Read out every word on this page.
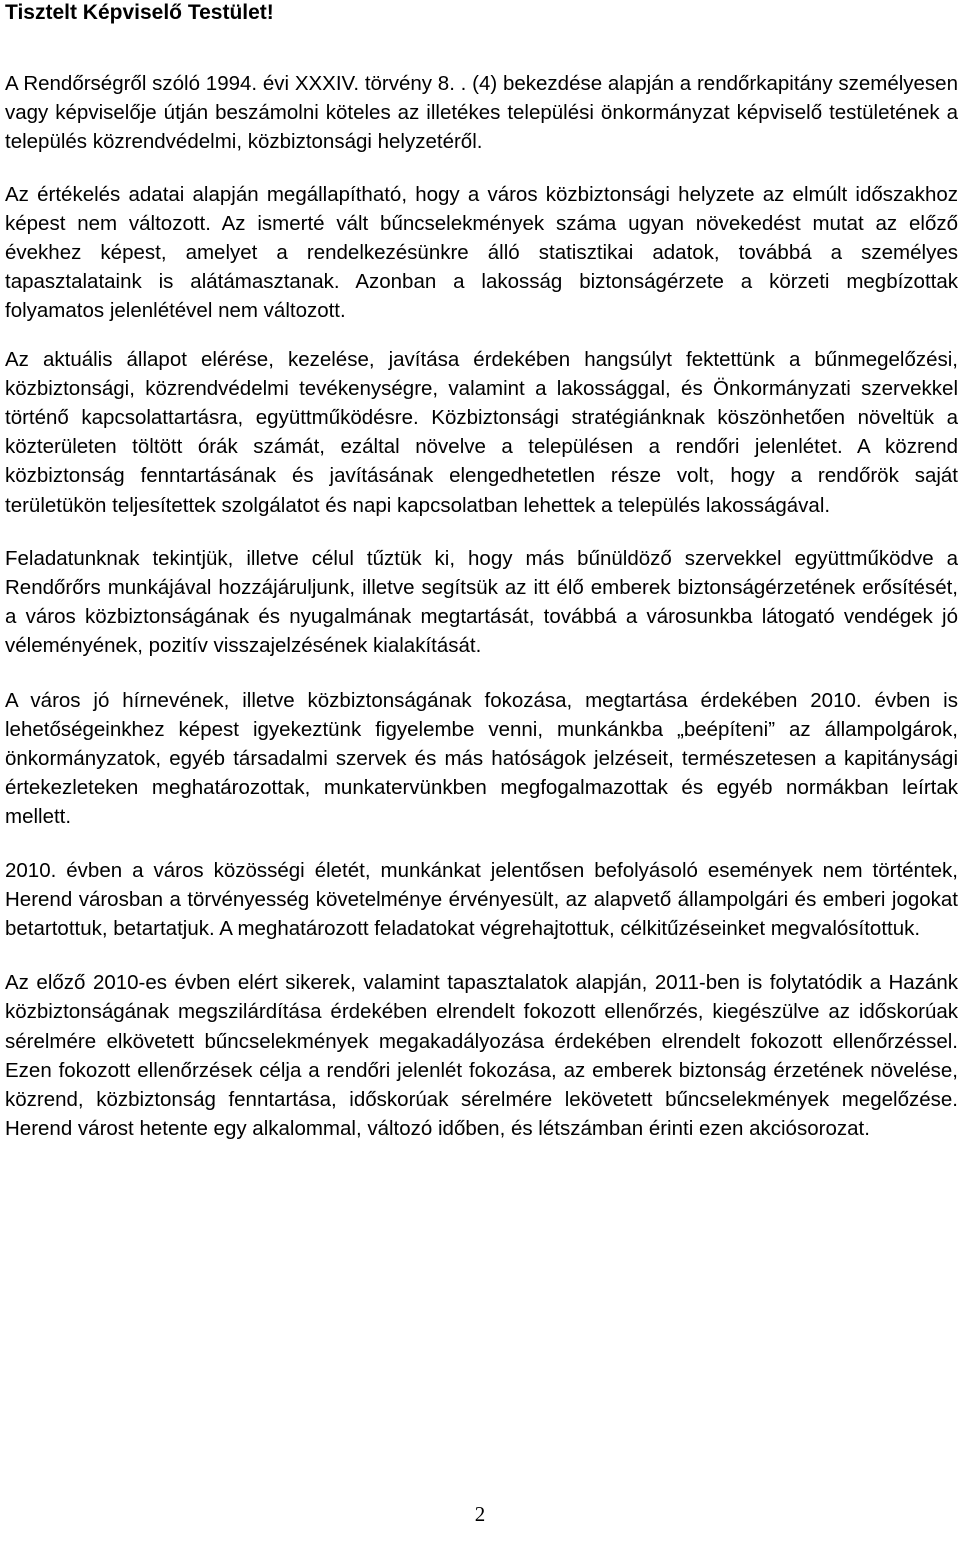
Tisztelt Képviselő Testület!

A Rendőrségről szóló 1994. évi XXXIV. törvény 8. . (4) bekezdése alapján a rendőrkapitány személyesen vagy képviselője útján beszámolni köteles az illetékes települési önkormányzat képviselő testületének a település közrendvédelmi, közbiztonsági helyzetéről.

Az értékelés adatai alapján megállapítható, hogy a város közbiztonsági helyzete az elmúlt időszakhoz képest nem változott. Az ismerté vált bűncselekmények száma ugyan növekedést mutat az előző évekhez képest, amelyet a rendelkezésünkre álló statisztikai adatok, továbbá a személyes tapasztalataink is alátámasztanak. Azonban a lakosság biztonságérzete a körzeti megbízottak folyamatos jelenlétével nem változott.

Az aktuális állapot elérése, kezelése, javítása érdekében hangsúlyt fektettünk a bűnmegelőzési, közbiztonsági, közrendvédelmi tevékenységre, valamint a lakossággal, és Önkormányzati szervekkel történő kapcsolattartásra, együttműködésre. Közbiztonsági stratégiánknak köszönhetően növeltük a közterületen töltött órák számát, ezáltal növelve a településen a rendőri jelenlétet. A közrend közbiztonság fenntartásának és javításának elengedhetetlen része volt, hogy a rendőrök saját területükön teljesítettek szolgálatot és napi kapcsolatban lehettek a település lakosságával.

Feladatunknak tekintjük, illetve célul tűztük ki, hogy más bűnüldöző szervekkel együttműködve a Rendőrőrs munkájával hozzájáruljunk, illetve segítsük az itt élő emberek biztonságérzetének erősítését, a város közbiztonságának és nyugalmának megtartását, továbbá a városunkba látogató vendégek jó véleményének, pozitív visszajelzésének kialakítását.

A város jó hírnevének, illetve közbiztonságának fokozása, megtartása érdekében 2010. évben is lehetőségeinkhez képest igyekeztünk figyelembe venni, munkánkba „beépíteni” az állampolgárok, önkormányzatok, egyéb társadalmi szervek és más hatóságok jelzéseit, természetesen a kapitánysági értekezleteken meghatározottak, munkatervünkben megfogalmazottak és egyéb normákban leírtak mellett.

2010. évben a város közösségi életét, munkánkat jelentősen befolyásoló események nem történtek, Herend városban a törvényesség követelménye érvényesült, az alapvető állampolgári és emberi jogokat betartottuk, betartatjuk. A meghatározott feladatokat végrehajtottuk, célkitűzéseinket megvalósítottuk.

Az előző 2010-es évben elért sikerek, valamint tapasztalatok alapján, 2011-ben is folytatódik a Hazánk közbiztonságának megszilárdítása érdekében elrendelt fokozott ellenőrzés, kiegészülve az időskorúak sérelmére elkövetett bűncselekmények megakadályozása érdekében elrendelt fokozott ellenőrzéssel. Ezen fokozott ellenőrzések célja a rendőri jelenlét fokozása, az emberek biztonság érzetének növelése, közrend, közbiztonság fenntartása, időskorúak sérelmére lekövetett bűncselekmények megelőzése. Herend várost hetente egy alkalommal, változó időben, és létszámban érinti ezen akciósorozat.

2
